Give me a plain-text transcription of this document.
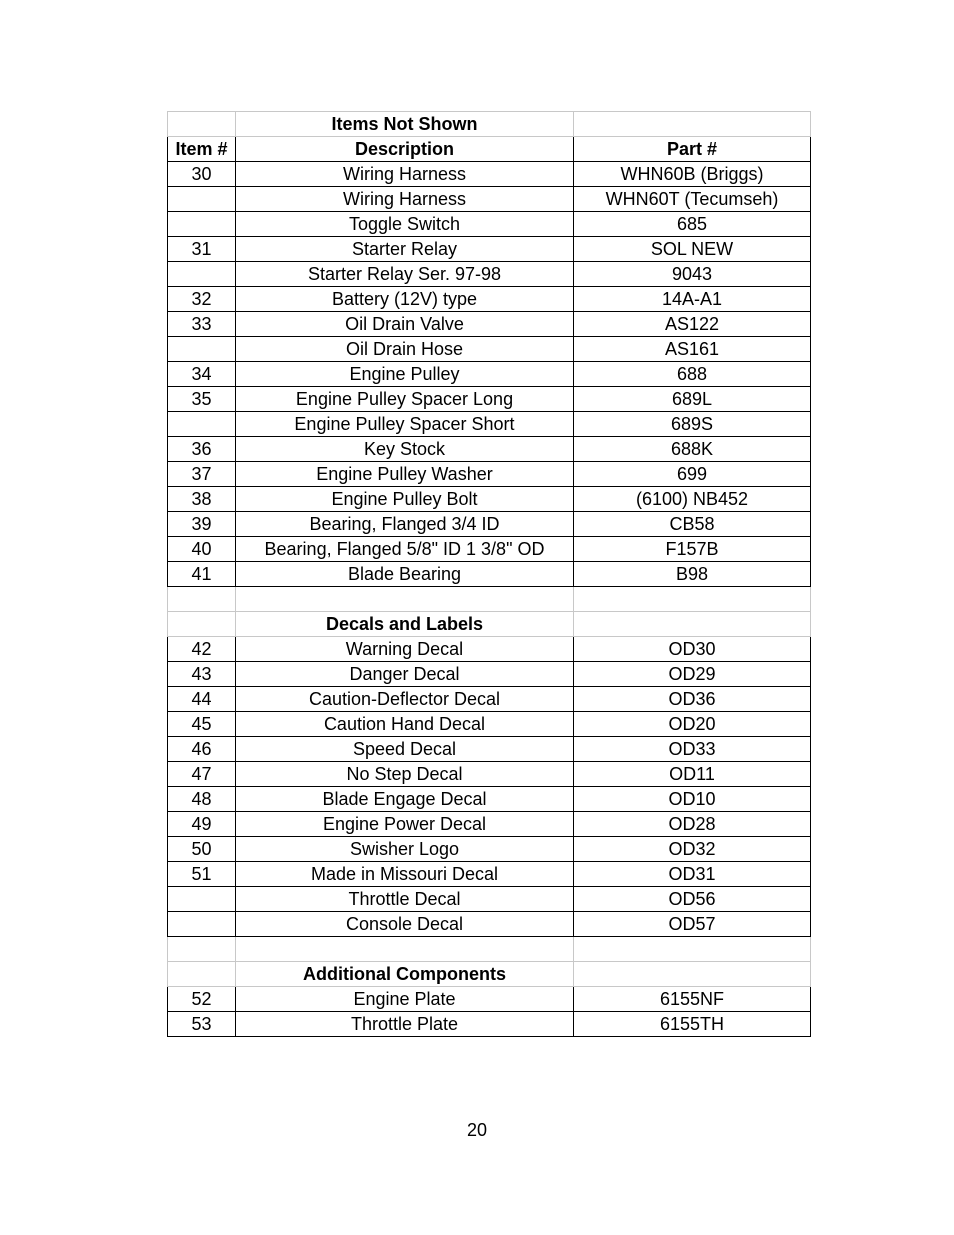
	Items Not Shown	
Item #	Description	Part #
30	Wiring Harness	WHN60B (Briggs)
	Wiring Harness	WHN60T (Tecumseh)
	Toggle Switch	685
31	Starter Relay	SOL NEW
	Starter Relay Ser. 97-98	9043
32	Battery (12V) type	14A-A1
33	Oil Drain Valve	AS122
	Oil Drain Hose	AS161
34	Engine Pulley	688
35	Engine Pulley Spacer Long	689L
	Engine Pulley Spacer Short	689S
36	Key Stock	688K
37	Engine Pulley Washer	699
38	Engine Pulley Bolt	(6100) NB452
39	Bearing, Flanged 3/4 ID	CB58
40	Bearing, Flanged 5/8" ID 1 3/8" OD	F157B
41	Blade Bearing	B98

	Decals and Labels	
42	Warning Decal	OD30
43	Danger Decal	OD29
44	Caution-Deflector Decal	OD36
45	Caution Hand Decal	OD20
46	Speed Decal	OD33
47	No Step Decal	OD11
48	Blade Engage Decal	OD10
49	Engine Power Decal	OD28
50	Swisher Logo	OD32
51	Made in Missouri Decal	OD31
	Throttle Decal	OD56
	Console Decal	OD57

	Additional Components	
52	Engine Plate	6155NF
53	Throttle Plate	6155TH
20
